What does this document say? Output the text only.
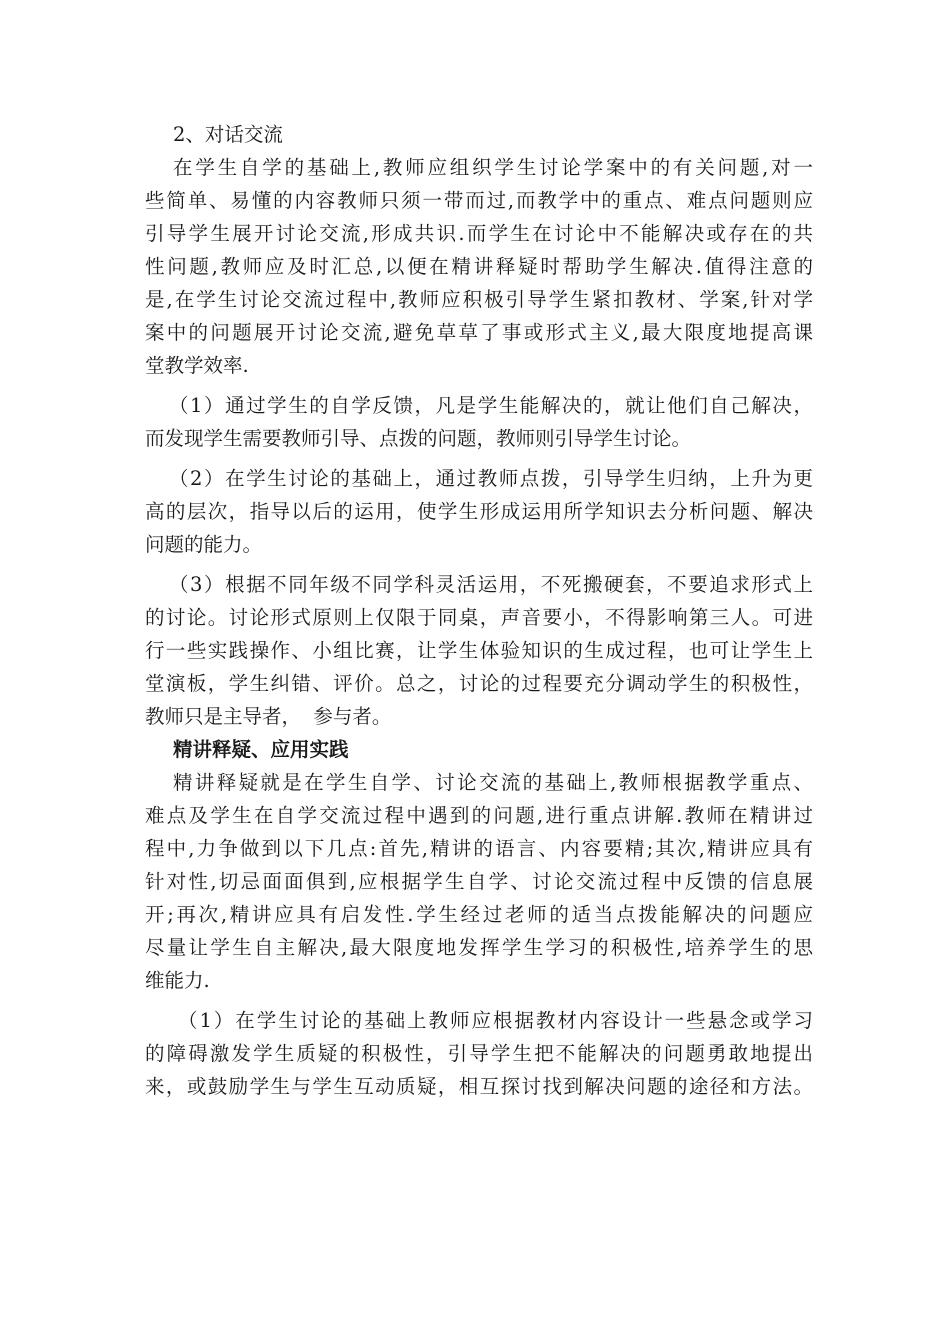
2、对话交流
在学生自学的基础上,教师应组织学生讨论学案中的有关问题,对一
些简单、易懂的内容教师只须一带而过,而教学中的重点、难点问题则应
引导学生展开讨论交流,形成共识.而学生在讨论中不能解决或存在的共
性问题,教师应及时汇总,以便在精讲释疑时帮助学生解决.值得注意的
是,在学生讨论交流过程中,教师应积极引导学生紧扣教材、学案,针对学
案中的问题展开讨论交流,避免草草了事或形式主义,最大限度地提高课
堂教学效率.
（1）通过学生的自学反馈，凡是学生能解决的，就让他们自己解决，
而发现学生需要教师引导、点拨的问题，教师则引导学生讨论。
（2）在学生讨论的基础上，通过教师点拨，引导学生归纳，上升为更
高的层次，指导以后的运用，使学生形成运用所学知识去分析问题、解决
问题的能力。
（3）根据不同年级不同学科灵活运用，不死搬硬套，不要追求形式上
的讨论。讨论形式原则上仅限于同桌，声音要小，不得影响第三人。可进
行一些实践操作、小组比赛，让学生体验知识的生成过程，也可让学生上
堂演板，学生纠错、评价。总之，讨论的过程要充分调动学生的积极性，
教师只是主导者，  参与者。
精讲释疑、应用实践
精讲释疑就是在学生自学、讨论交流的基础上,教师根据教学重点、
难点及学生在自学交流过程中遇到的问题,进行重点讲解.教师在精讲过
程中,力争做到以下几点:首先,精讲的语言、内容要精;其次,精讲应具有
针对性,切忌面面俱到,应根据学生自学、讨论交流过程中反馈的信息展
开;再次,精讲应具有启发性.学生经过老师的适当点拨能解决的问题应
尽量让学生自主解决,最大限度地发挥学生学习的积极性,培养学生的思
维能力.
（1）在学生讨论的基础上教师应根据教材内容设计一些悬念或学习
的障碍激发学生质疑的积极性，引导学生把不能解决的问题勇敢地提出
来，或鼓励学生与学生互动质疑，相互探讨找到解决问题的途径和方法。
